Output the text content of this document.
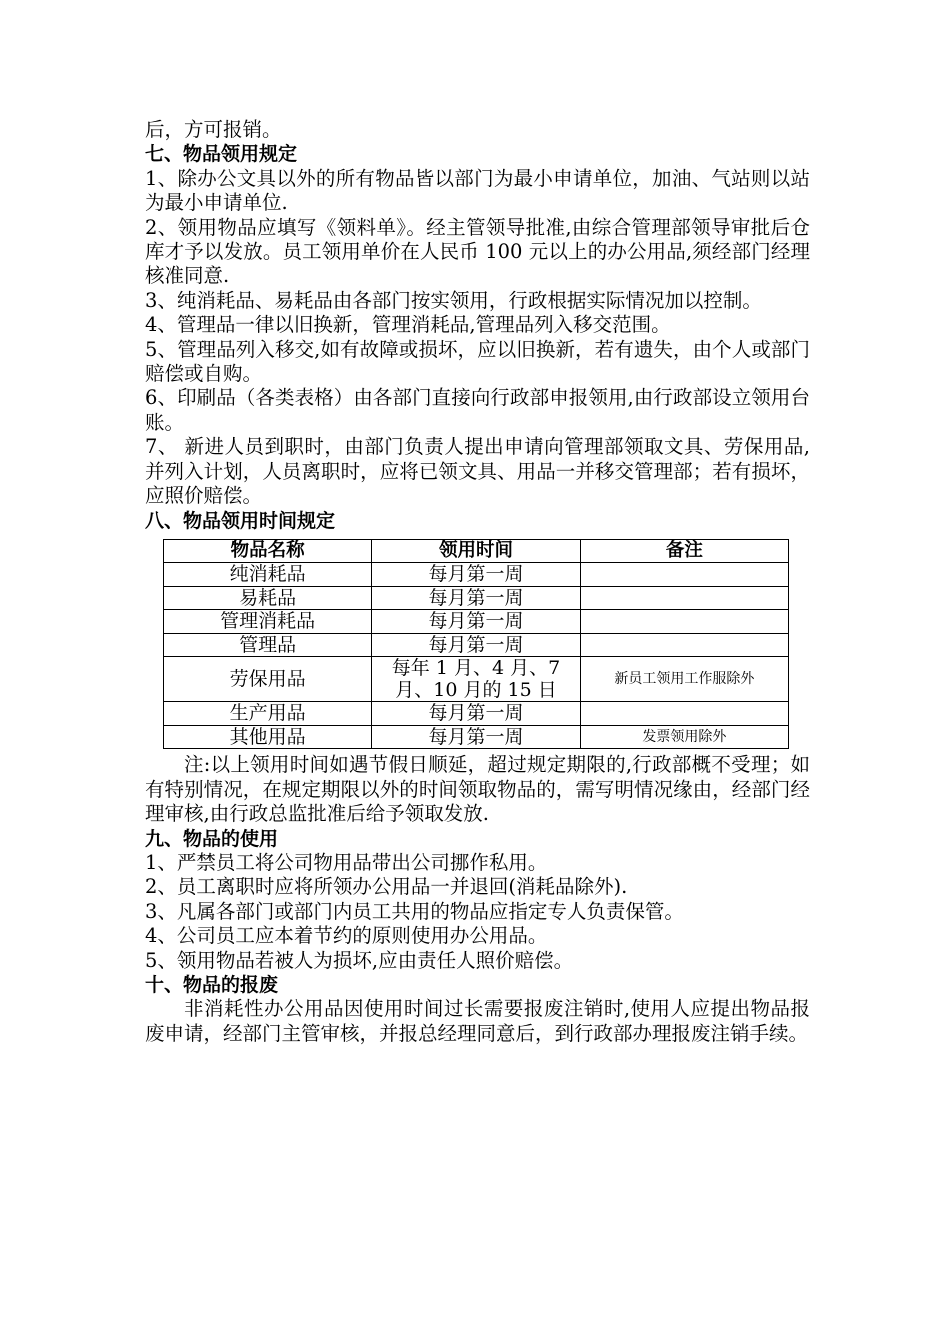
后，方可报销。

七、物品领用规定

1、除办公文具以外的所有物品皆以部门为最小申请单位，加油、气站则以站为最小申请单位.

2、领用物品应填写《领料单》。经主管领导批准,由综合管理部领导审批后仓库才予以发放。员工领用单价在人民币 100 元以上的办公用品,须经部门经理核准同意.

3、纯消耗品、易耗品由各部门按实领用，行政根据实际情况加以控制。

4、管理品一律以旧换新，管理消耗品,管理品列入移交范围。

5、管理品列入移交,如有故障或损坏，应以旧换新，若有遗失，由个人或部门赔偿或自购。

6、印刷品（各类表格）由各部门直接向行政部申报领用,由行政部设立领用台账。

7、 新进人员到职时，由部门负责人提出申请向管理部领取文具、劳保用品,并列入计划，人员离职时，应将已领文具、用品一并移交管理部；若有损坏，应照价赔偿。

八、物品领用时间规定

物品名称	领用时间	备注
纯消耗品	每月第一周	
易耗品	每月第一周	
管理消耗品	每月第一周	
管理品	每月第一周	
劳保用品	每年 1 月、4 月、7 月、10 月的 15 日	新员工领用工作服除外
生产用品	每月第一周	
其他用品	每月第一周	发票领用除外

注:以上领用时间如遇节假日顺延，超过规定期限的,行政部概不受理；如有特别情况，在规定期限以外的时间领取物品的，需写明情况缘由，经部门经理审核,由行政总监批准后给予领取发放.

九、物品的使用

1、严禁员工将公司物用品带出公司挪作私用。

2、员工离职时应将所领办公用品一并退回(消耗品除外).

3、凡属各部门或部门内员工共用的物品应指定专人负责保管。

4、公司员工应本着节约的原则使用办公用品。

5、领用物品若被人为损坏,应由责任人照价赔偿。

十、物品的报废

非消耗性办公用品因使用时间过长需要报废注销时,使用人应提出物品报废申请，经部门主管审核，并报总经理同意后，到行政部办理报废注销手续。
